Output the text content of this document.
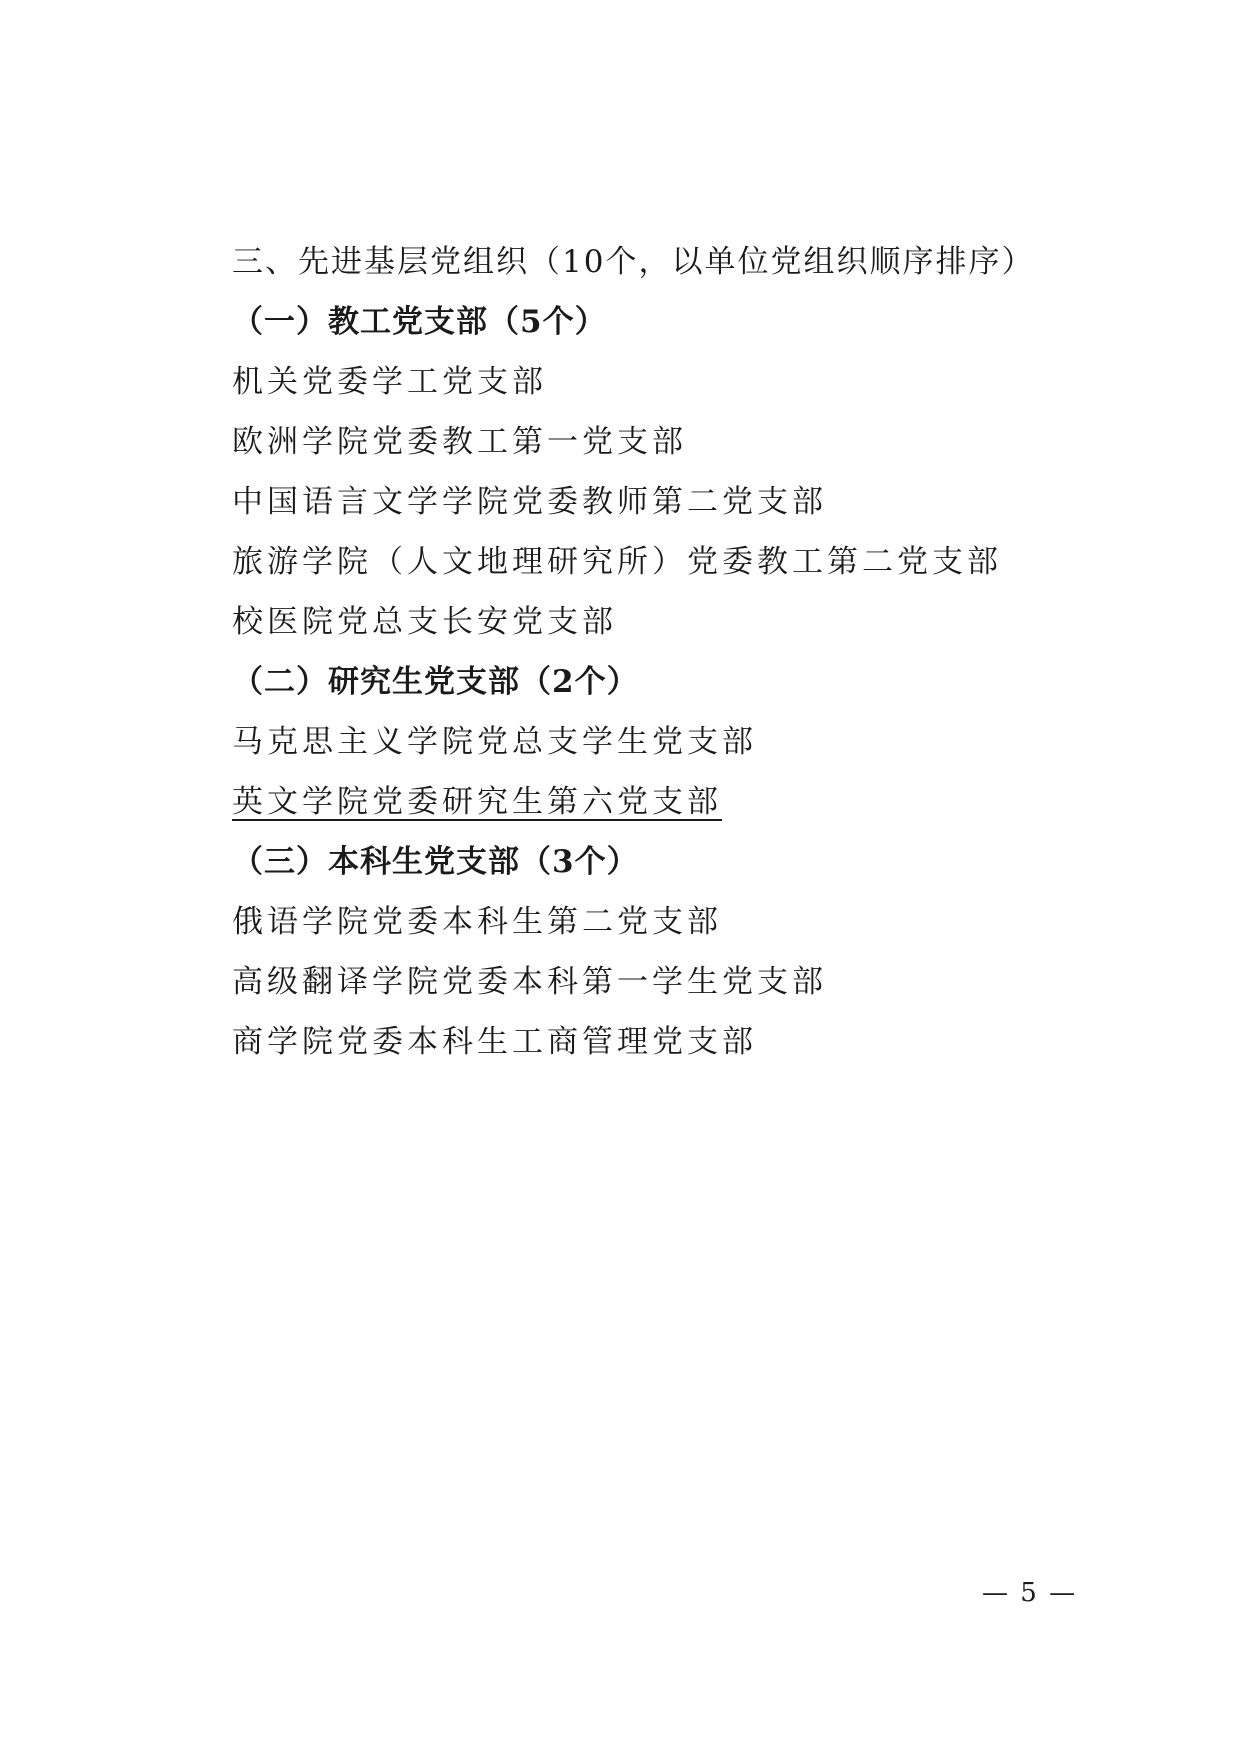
三、先进基层党组织（10个，以单位党组织顺序排序）
（一）教工党支部（5个）
机关党委学工党支部
欧洲学院党委教工第一党支部
中国语言文学学院党委教师第二党支部
旅游学院（人文地理研究所）党委教工第二党支部
校医院党总支长安党支部
（二）研究生党支部（2个）
马克思主义学院党总支学生党支部
英文学院党委研究生第六党支部
（三）本科生党支部（3个）
俄语学院党委本科生第二党支部
高级翻译学院党委本科第一学生党支部
商学院党委本科生工商管理党支部
— 5 —
